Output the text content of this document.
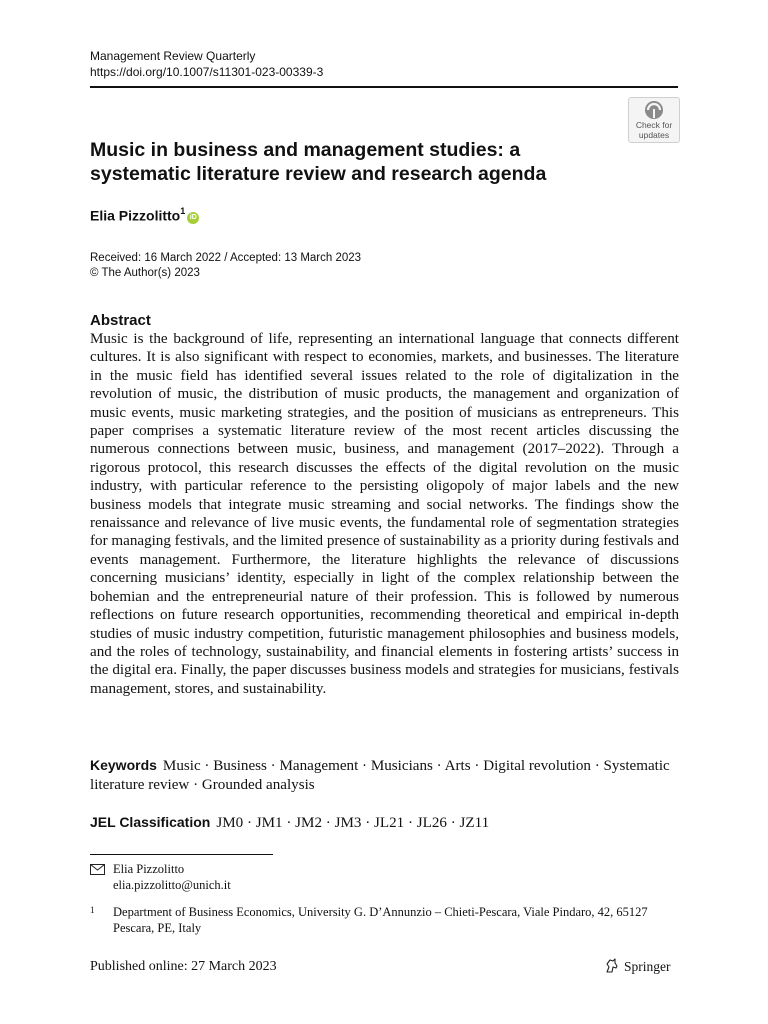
Management Review Quarterly
https://doi.org/10.1007/s11301-023-00339-3
Check for
updates
Music in business and management studies: a systematic literature review and research agenda
Elia Pizzolitto$^1$iD
Received: 16 March 2022 / Accepted: 13 March 2023
© The Author(s) 2023
Abstract

Music is the background of life, representing an international language that connects different cultures. It is also significant with respect to economies, markets, and businesses. The literature in the music field has identified several issues related to the role of digitalization in the revolution of music, the distribution of music products, the management and organization of music events, music marketing strategies, and the position of musicians as entrepreneurs. This paper comprises a systematic literature review of the most recent articles discussing the numerous connections between music, business, and management (2017–2022). Through a rigorous protocol, this research discusses the effects of the digital revolution on the music industry, with particular reference to the persisting oligopoly of major labels and the new business models that integrate music streaming and social networks. The findings show the renaissance and relevance of live music events, the fundamental role of segmentation strategies for managing festivals, and the limited presence of sustainability as a priority during festivals and events management. Furthermore, the literature highlights the relevance of discussions concerning musicians’ identity, especially in light of the complex relationship between the bohemian and the entrepreneurial nature of their profession. This is followed by numerous reflections on future research opportunities, recommending theoretical and empirical in-depth studies of music industry competition, futuristic management philosophies and business models, and the roles of technology, sustainability, and financial elements in fostering artists’ success in the digital era. Finally, the paper discusses business models and strategies for musicians, festivals management, stores, and sustainability.

Keywords Music · Business · Management · Musicians · Arts · Digital revolution · Systematic literature review · Grounded analysis
JEL Classification JM0 · JM1 · JM2 · JM3 · JL21 · JL26 · JZ11
Elia Pizzolitto
elia.pizzolitto@unich.it
1 Department of Business Economics, University G. D’Annunzio – Chieti-Pescara, Viale Pindaro, 42, 65127 Pescara, PE, Italy
Published online: 27 March 2023	Springer
